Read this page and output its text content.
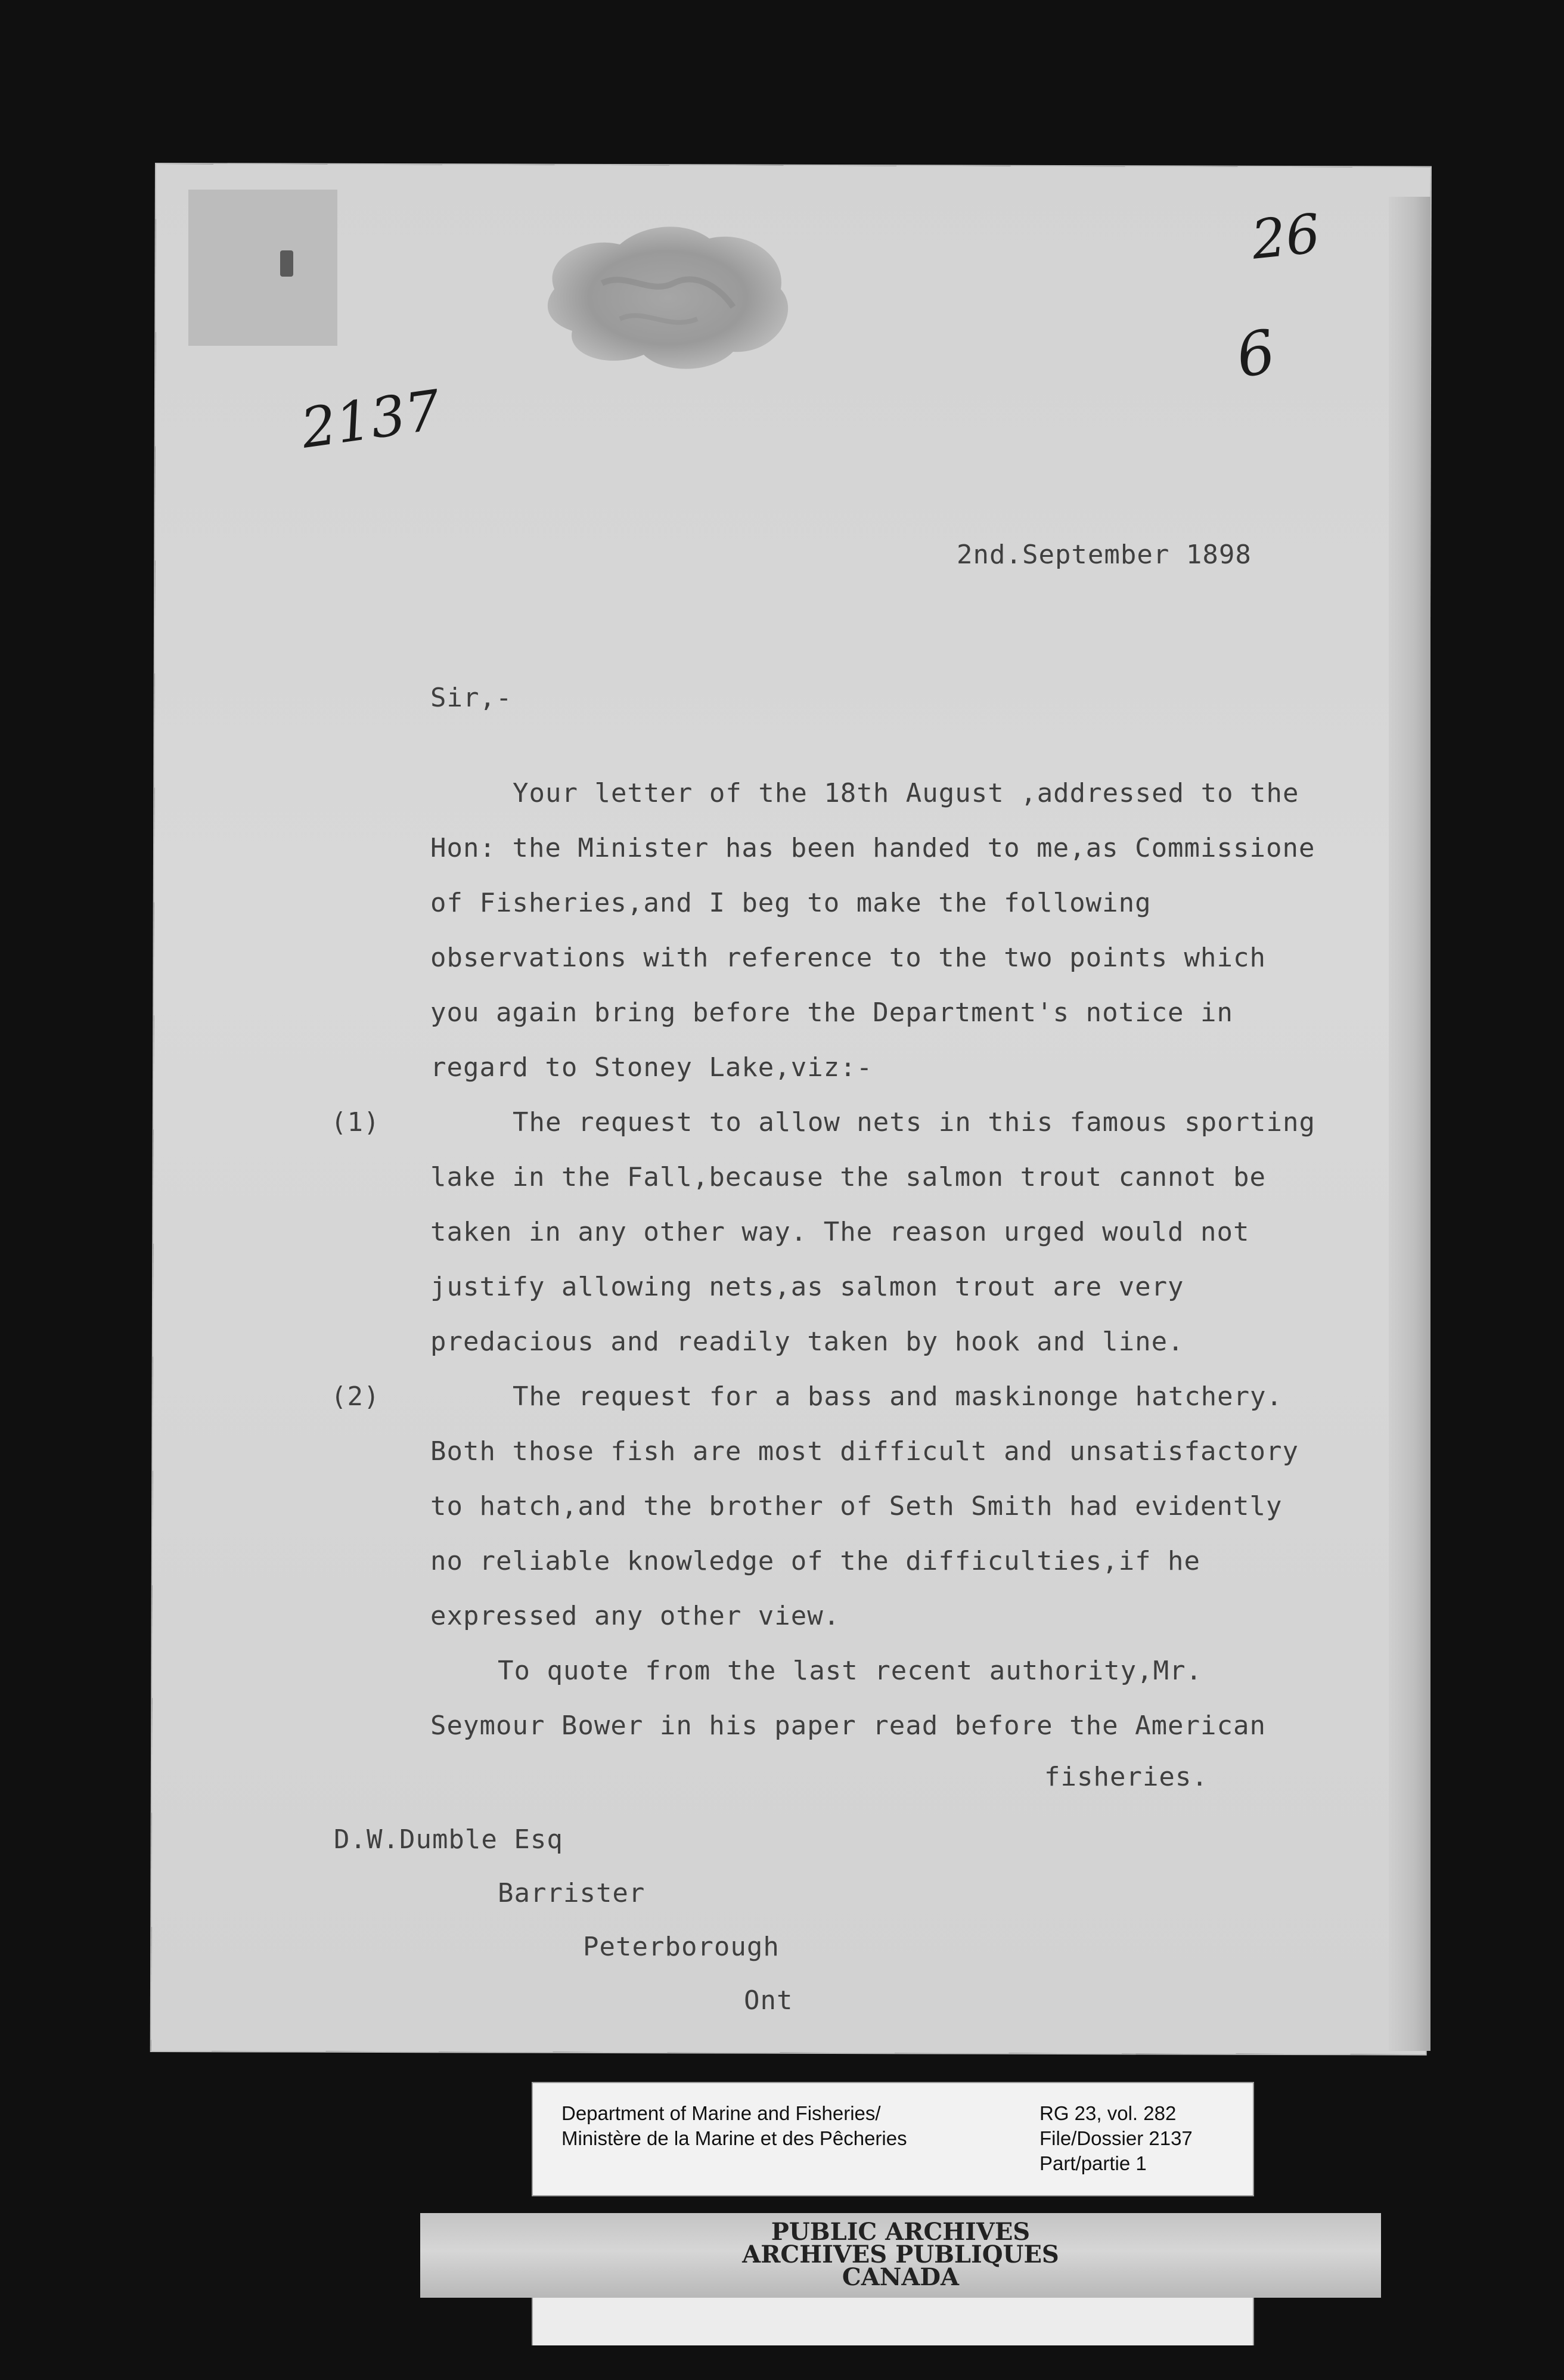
2137
26
6
2nd.September 1898
Sir,-
Your letter of the 18th August ,addressed to the
Hon: the Minister has been handed to me,as Commissione
of Fisheries,and I beg to make the following
observations with reference to the two points which
you again bring before the Department's notice in
regard to Stoney Lake,viz:-
(1)	The request to allow nets in this famous sporting
lake in the Fall,because the salmon trout cannot be
taken in any other way. The reason urged would not
justify allowing nets,as salmon trout are very
predacious and readily taken by hook and line.
(2)	The request for a bass and maskinonge hatchery.
Both those fish are most difficult and unsatisfactory
to hatch,and the brother of Seth Smith had evidently
no reliable knowledge of the difficulties,if he
expressed any other view.
To quote from the last recent authority,Mr.
Seymour Bower in his paper read before the American
fisheries.
D.W.Dumble Esq
Barrister
Peterborough
Ont
Department of Marine and Fisheries/
Ministère de la Marine et des Pêcheries
RG 23, vol. 282
File/Dossier 2137
Part/partie 1
PUBLIC ARCHIVES
ARCHIVES PUBLIQUES
CANADA
